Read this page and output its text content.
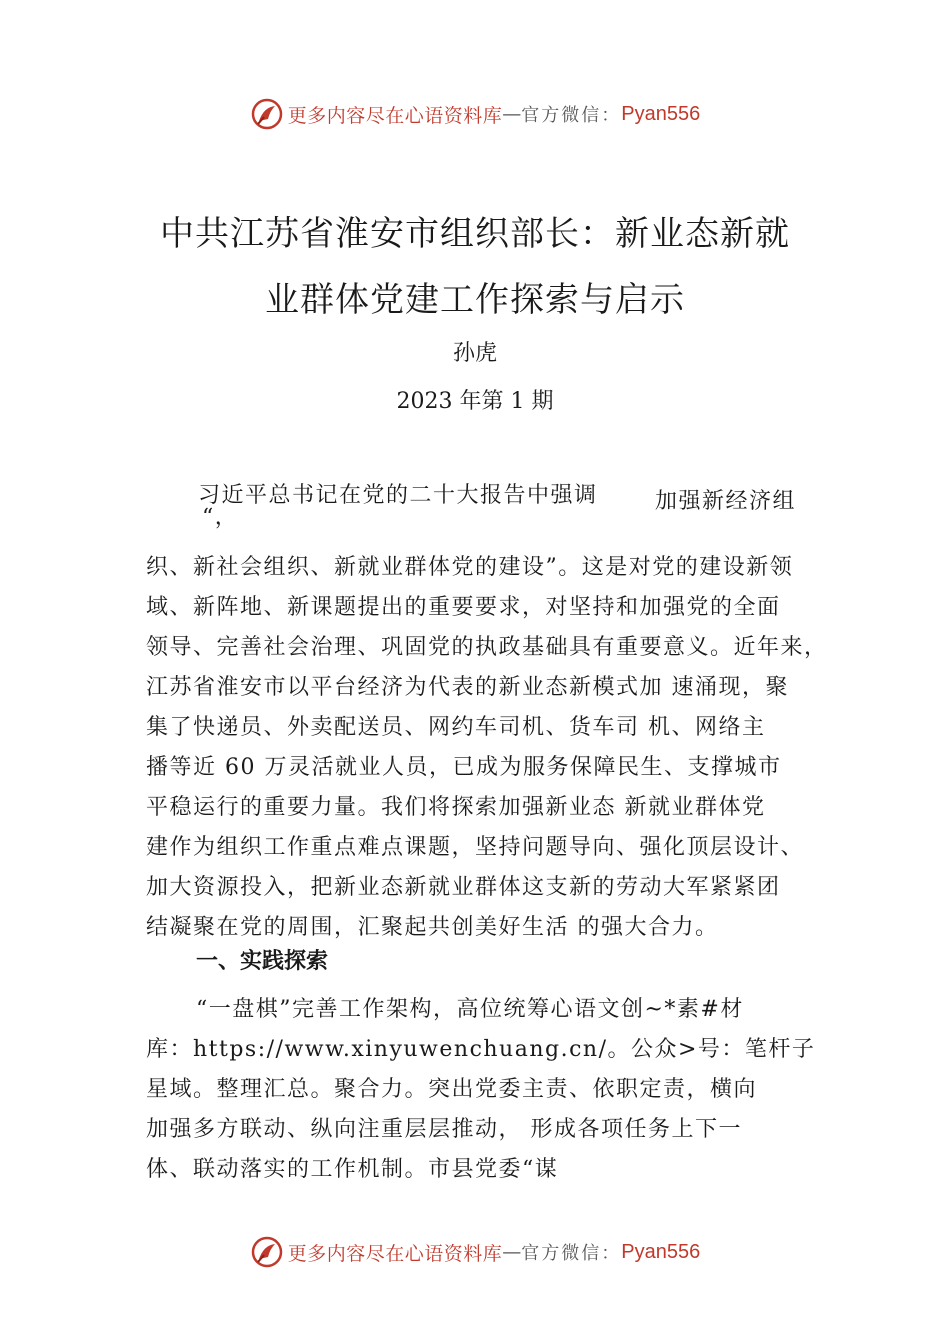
更多内容尽在心语资料库 — 官方微信： Pyan556
中共江苏省淮安市组织部长：新业态新就
业群体党建工作探索与启示
孙虎
2023 年第 1 期
习近平总书记在党的二十大报告中强调
“，
加强新经济组
织、新社会组织、新就业群体党的建设”。这是对党的建设新领
域、新阵地、新课题提出的重要要求，对坚持和加强党的全面
领导、完善社会治理、巩固党的执政基础具有重要意义。近年来，
江苏省淮安市以平台经济为代表的新业态新模式加 速涌现，聚
集了快递员、外卖配送员、网约车司机、货车司 机、网络主
播等近 60 万灵活就业人员，已成为服务保障民生、支撑城市
平稳运行的重要力量。我们将探索加强新业态 新就业群体党
建作为组织工作重点难点课题，坚持问题导向、强化顶层设计、
加大资源投入，把新业态新就业群体这支新的劳动大军紧紧团
结凝聚在党的周围，汇聚起共创美好生活 的强大合力。
一、实践探索
“一盘棋”完善工作架构，高位统筹心语文创~*素#材
库：https://www.xinyuwenchuang.cn/。公众>号：笔杆子
星域。整理汇总。聚合力。突出党委主责、依职定责，横向
加强多方联动、纵向注重层层推动， 形成各项任务上下一
体、联动落实的工作机制。市县党委“谋
更多内容尽在心语资料库 — 官方微信： Pyan556
